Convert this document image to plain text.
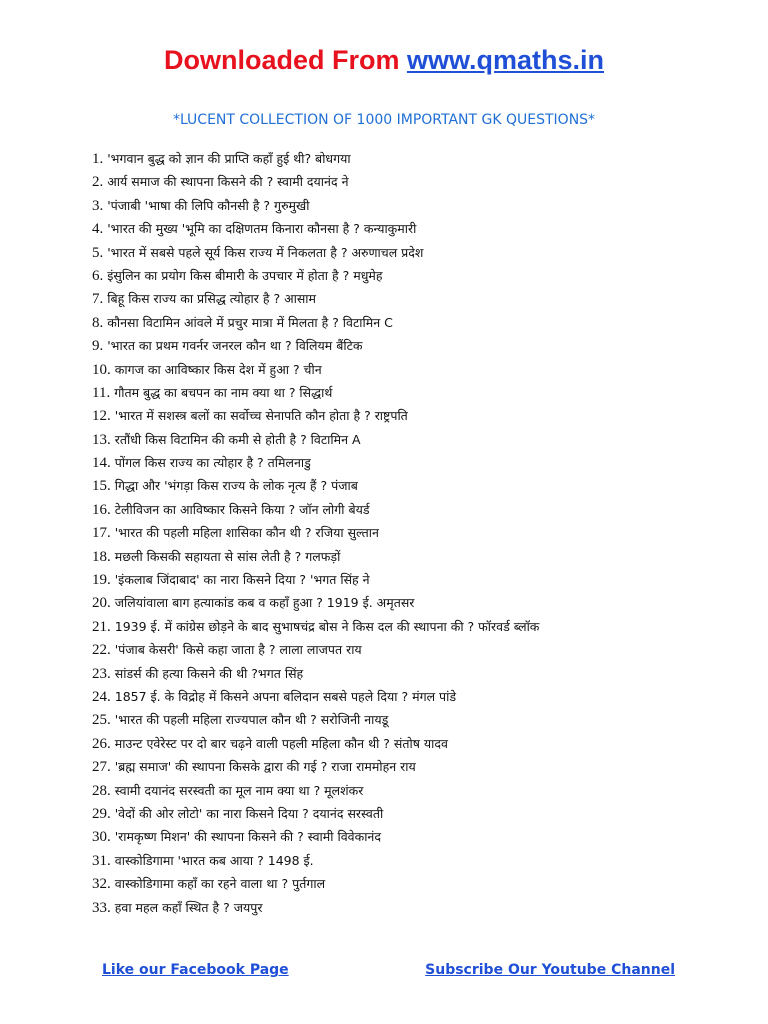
Downloaded From www.qmaths.in
*LUCENT COLLECTION OF 1000 IMPORTANT GK QUESTIONS*
1. 'भगवान बुद्ध को ज्ञान की प्राप्ति कहाँ हुई थी? बोधगया
2. आर्य समाज की स्थापना किसने की ? स्वामी दयानंद ने
3. 'पंजाबी 'भाषा की लिपि कौनसी है ? गुरुमुखी
4. 'भारत की मुख्य 'भूमि का दक्षिणतम किनारा कौनसा है ? कन्याकुमारी
5. 'भारत में सबसे पहले सूर्य किस राज्य में निकलता है ? अरुणाचल प्रदेश
6. इंसुलिन का प्रयोग किस बीमारी के उपचार में होता है ? मधुमेह
7. बिहू किस राज्य का प्रसिद्ध त्योहार है ? आसाम
8. कौनसा विटामिन आंवले में प्रचुर मात्रा में मिलता है ? विटामिन C
9. 'भारत का प्रथम गवर्नर जनरल कौन था ? विलियम बैंटिक
10. कागज का आविष्कार किस देश में हुआ ? चीन
11. गौतम बुद्ध का बचपन का नाम क्या था ? सिद्धार्थ
12. 'भारत में सशस्त्र बलों का सर्वोच्च सेनापति कौन होता है ? राष्ट्रपति
13. रतौंधी किस विटामिन की कमी से होती है ? विटामिन A
14. पोंगल किस राज्य का त्योहार है ? तमिलनाडु
15. गिद्धा और 'भंगड़ा किस राज्य के लोक नृत्य हैं ? पंजाब
16. टेलीविजन का आविष्कार किसने किया ? जॉन लोगी बेयर्ड
17. 'भारत की पहली महिला शासिका कौन थी ? रजिया सुल्तान
18. मछली किसकी सहायता से सांस लेती है ? गलफड़ों
19. 'इंकलाब जिंदाबाद' का नारा किसने दिया ? 'भगत सिंह ने
20. जलियांवाला बाग हत्याकांड कब व कहाँ हुआ ? 1919 ई. अमृतसर
21. 1939 ई. में कांग्रेस छोड़ने के बाद सुभाषचंद्र बोस ने किस दल की स्थापना की ? फॉरवर्ड ब्लॉक
22. 'पंजाब केसरी' किसे कहा जाता है ? लाला लाजपत राय
23. सांडर्स की हत्या किसने की थी ?भगत सिंह
24. 1857 ई. के विद्रोह में किसने अपना बलिदान सबसे पहले दिया ? मंगल पांडे
25. 'भारत की पहली महिला राज्यपाल कौन थी ? सरोजिनी नायडू
26. माउन्ट एवेरेस्ट पर दो बार चढ़ने वाली पहली महिला कौन थी ? संतोष यादव
27. 'ब्रह्म समाज' की स्थापना किसके द्वारा की गई ? राजा राममोहन राय
28. स्वामी दयानंद सरस्वती का मूल नाम क्या था ? मूलशंकर
29. 'वेदों की ओर लोटो' का नारा किसने दिया ? दयानंद सरस्वती
30. 'रामकृष्ण मिशन' की स्थापना किसने की ? स्वामी विवेकानंद
31. वास्कोडिगामा 'भारत कब आया ? 1498 ई.
32. वास्कोडिगामा कहाँ का रहने वाला था ? पुर्तगाल
33. हवा महल कहाँ स्थित है ? जयपुर
Like our Facebook Page	Subscribe Our Youtube Channel
